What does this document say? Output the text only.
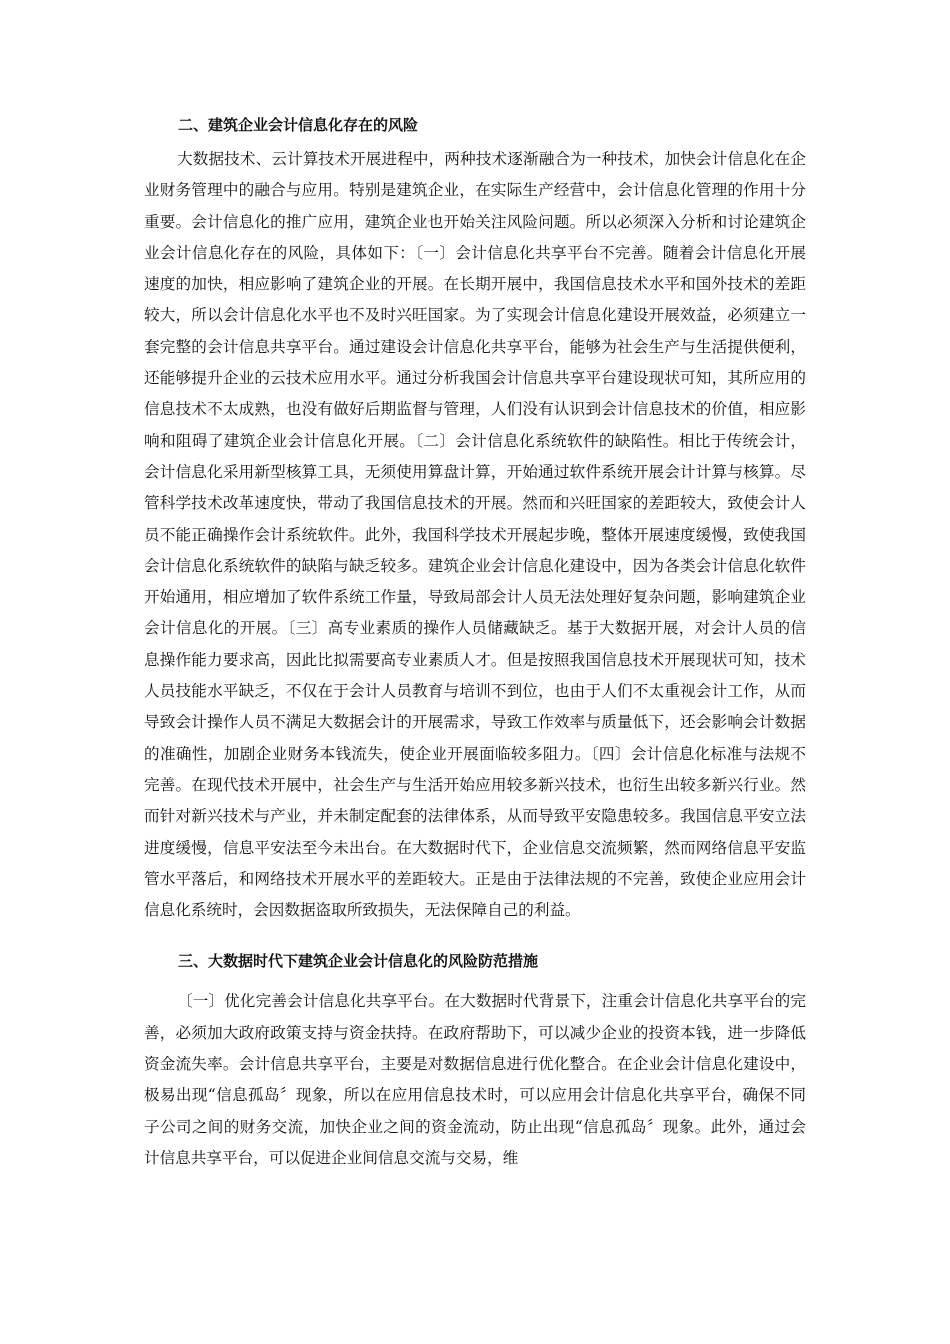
二、建筑企业会计信息化存在的风险

大数据技术、云计算技术开展进程中，两种技术逐渐融合为一种技术，加快会计信息化在企业财务管理中的融合与应用。特别是建筑企业，在实际生产经营中，会计信息化管理的作用十分重要。会计信息化的推广应用，建筑企业也开始关注风险问题。所以必须深入分析和讨论建筑企业会计信息化存在的风险，具体如下：〔一〕会计信息化共享平台不完善。随着会计信息化开展速度的加快，相应影响了建筑企业的开展。在长期开展中，我国信息技术水平和国外技术的差距较大，所以会计信息化水平也不及时兴旺国家。为了实现会计信息化建设开展效益，必须建立一套完整的会计信息共享平台。通过建设会计信息化共享平台，能够为社会生产与生活提供便利，还能够提升企业的云技术应用水平。通过分析我国会计信息共享平台建设现状可知，其所应用的信息技术不太成熟，也没有做好后期监督与管理，人们没有认识到会计信息技术的价值，相应影响和阻碍了建筑企业会计信息化开展。〔二〕会计信息化系统软件的缺陷性。相比于传统会计，会计信息化采用新型核算工具，无须使用算盘计算，开始通过软件系统开展会计计算与核算。尽管科学技术改革速度快，带动了我国信息技术的开展。然而和兴旺国家的差距较大，致使会计人员不能正确操作会计系统软件。此外，我国科学技术开展起步晚，整体开展速度缓慢，致使我国会计信息化系统软件的缺陷与缺乏较多。建筑企业会计信息化建设中，因为各类会计信息化软件开始通用，相应增加了软件系统工作量，导致局部会计人员无法处理好复杂问题，影响建筑企业会计信息化的开展。〔三〕高专业素质的操作人员储藏缺乏。基于大数据开展，对会计人员的信息操作能力要求高，因此比拟需要高专业素质人才。但是按照我国信息技术开展现状可知，技术人员技能水平缺乏，不仅在于会计人员教育与培训不到位，也由于人们不太重视会计工作，从而导致会计操作人员不满足大数据会计的开展需求，导致工作效率与质量低下，还会影响会计数据的准确性，加剧企业财务本钱流失，使企业开展面临较多阻力。〔四〕会计信息化标准与法规不完善。在现代技术开展中，社会生产与生活开始应用较多新兴技术，也衍生出较多新兴行业。然而针对新兴技术与产业，并未制定配套的法律体系，从而导致平安隐患较多。我国信息平安立法进度缓慢，信息平安法至今未出台。在大数据时代下，企业信息交流频繁，然而网络信息平安监管水平落后，和网络技术开展水平的差距较大。正是由于法律法规的不完善，致使企业应用会计信息化系统时，会因数据盗取所致损失，无法保障自己的利益。

三、大数据时代下建筑企业会计信息化的风险防范措施

〔一〕优化完善会计信息化共享平台。在大数据时代背景下，注重会计信息化共享平台的完善，必须加大政府政策支持与资金扶持。在政府帮助下，可以减少企业的投资本钱，进一步降低资金流失率。会计信息共享平台，主要是对数据信息进行优化整合。在企业会计信息化建设中，极易出现“信息孤岛〞现象，所以在应用信息技术时，可以应用会计信息化共享平台，确保不同子公司之间的财务交流，加快企业之间的资金流动，防止出现“信息孤岛〞现象。此外，通过会计信息共享平台，可以促进企业间信息交流与交易，维
